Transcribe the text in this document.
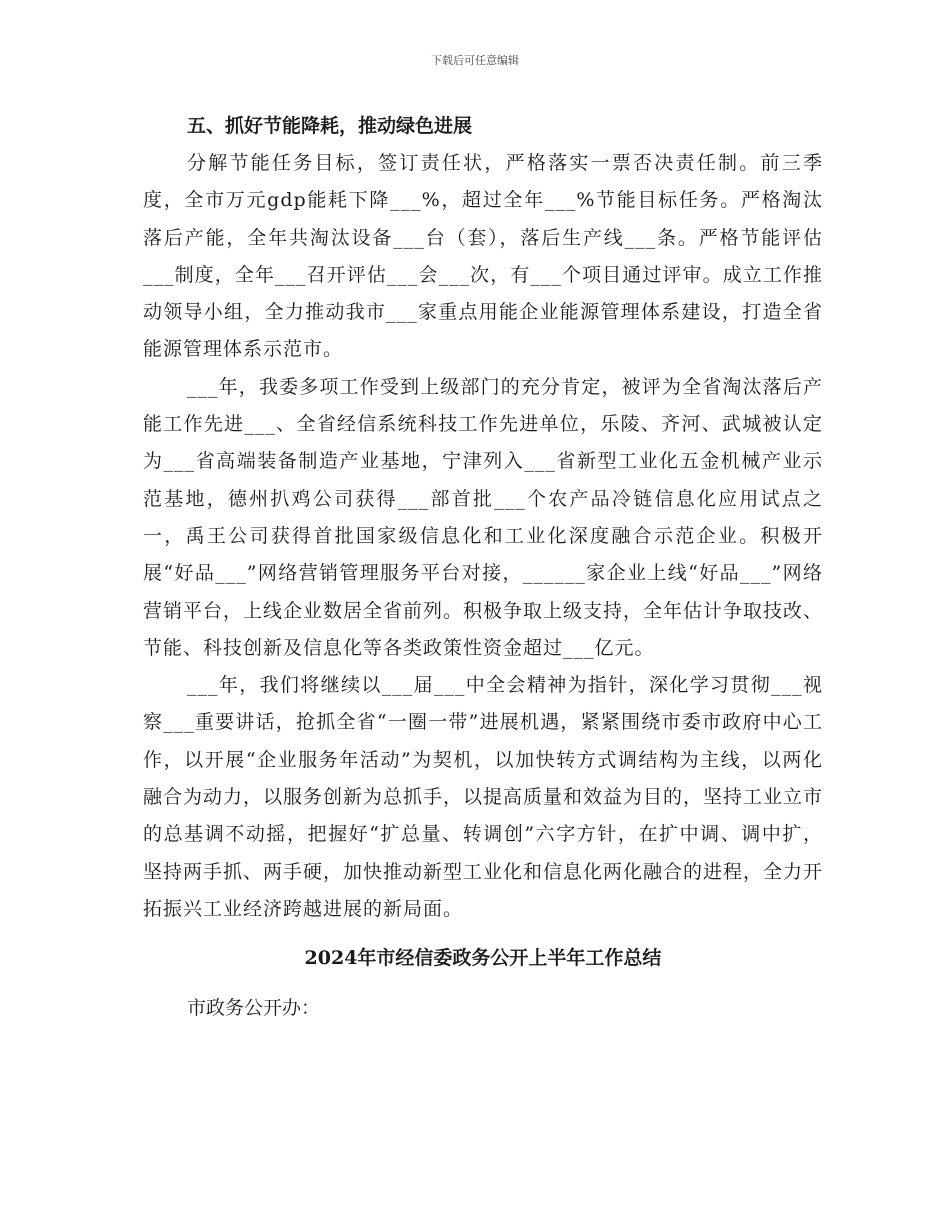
下载后可任意编辑

五、抓好节能降耗，推动绿色进展

分解节能任务目标，签订责任状，严格落实一票否决责任制。前三季度，全市万元gdp能耗下降___%，超过全年___%节能目标任务。严格淘汰落后产能，全年共淘汰设备___台（套），落后生产线___条。严格节能评估___制度，全年___召开评估___会___次，有___个项目通过评审。成立工作推动领导小组，全力推动我市___家重点用能企业能源管理体系建设，打造全省能源管理体系示范市。

___年，我委多项工作受到上级部门的充分肯定，被评为全省淘汰落后产能工作先进___、全省经信系统科技工作先进单位，乐陵、齐河、武城被认定为___省高端装备制造产业基地，宁津列入___省新型工业化五金机械产业示范基地，德州扒鸡公司获得___部首批___个农产品冷链信息化应用试点之一，禹王公司获得首批国家级信息化和工业化深度融合示范企业。积极开展“好品___”网络营销管理服务平台对接，______家企业上线“好品___”网络营销平台，上线企业数居全省前列。积极争取上级支持，全年估计争取技改、节能、科技创新及信息化等各类政策性资金超过___亿元。

___年，我们将继续以___届___中全会精神为指针，深化学习贯彻___视察___重要讲话，抢抓全省“一圈一带”进展机遇，紧紧围绕市委市政府中心工作，以开展“企业服务年活动”为契机，以加快转方式调结构为主线，以两化融合为动力，以服务创新为总抓手，以提高质量和效益为目的，坚持工业立市的总基调不动摇，把握好“扩总量、转调创”六字方针，在扩中调、调中扩，坚持两手抓、两手硬，加快推动新型工业化和信息化两化融合的进程，全力开拓振兴工业经济跨越进展的新局面。

2024年市经信委政务公开上半年工作总结

市政务公开办：
